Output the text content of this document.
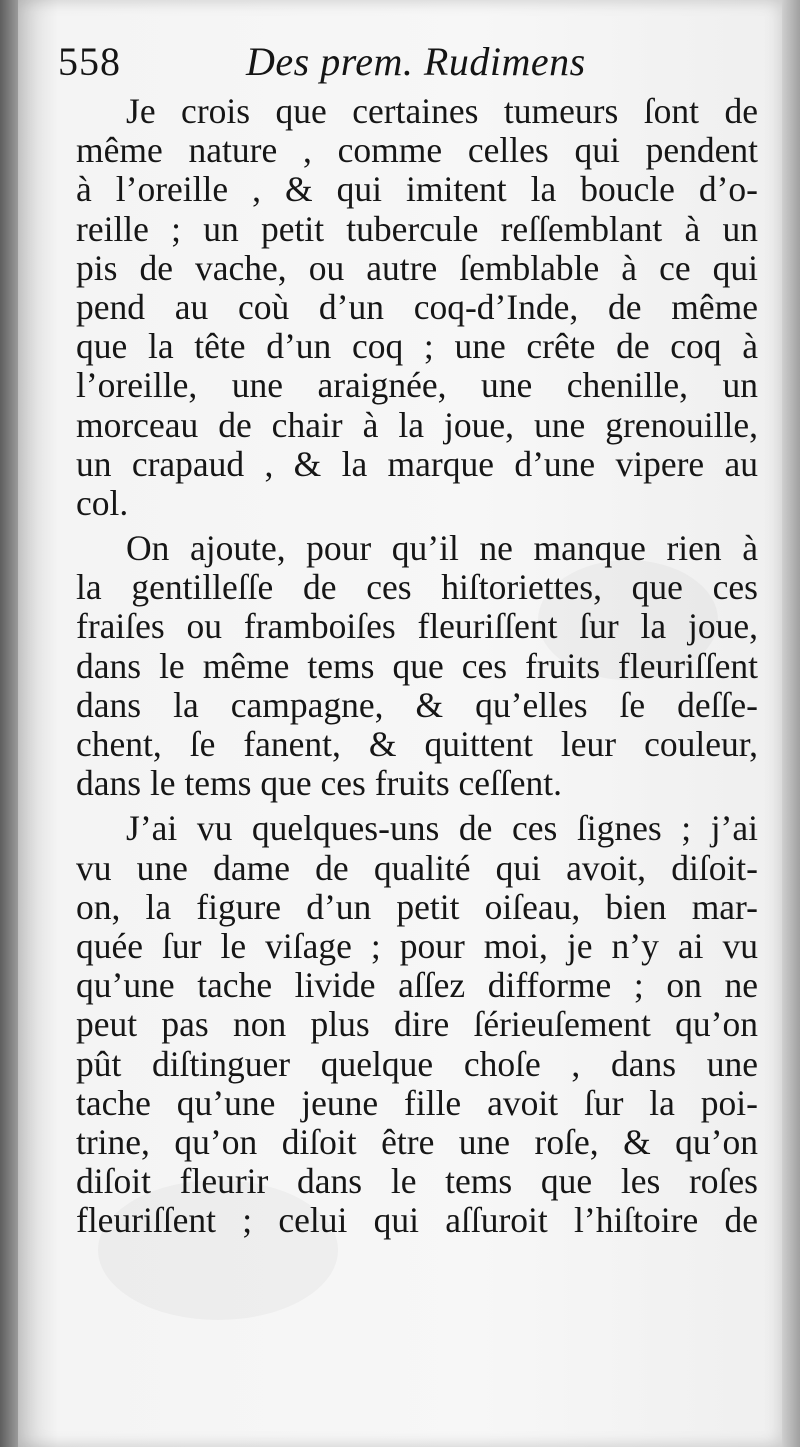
558	Des prem. Rudimens
Je crois que certaines tumeurs ſont de
même nature , comme celles qui pendent
à l’oreille , & qui imitent la boucle d’o-
reille ; un petit tubercule reſſemblant à un
pis de vache, ou autre ſemblable à ce qui
pend au coù d’un coq-d’Inde, de même
que la tête d’un coq ; une crête de coq à
l’oreille, une araignée, une chenille, un
morceau de chair à la joue, une grenouille,
un crapaud , & la marque d’une vipere au
col.
On ajoute, pour qu’il ne manque rien à
la gentilleſſe de ces hiſtoriettes, que ces
fraiſes ou framboiſes fleuriſſent ſur la joue,
dans le même tems que ces fruits fleuriſſent
dans la campagne, & qu’elles ſe deſſe-
chent, ſe fanent, & quittent leur couleur,
dans le tems que ces fruits ceſſent.
J’ai vu quelques-uns de ces ſignes ; j’ai
vu une dame de qualité qui avoit, diſoit-
on, la figure d’un petit oiſeau, bien mar-
quée ſur le viſage ; pour moi, je n’y ai vu
qu’une tache livide aſſez difforme ; on ne
peut pas non plus dire ſérieuſement qu’on
pût diſtinguer quelque choſe , dans une
tache qu’une jeune fille avoit ſur la poi-
trine, qu’on diſoit être une roſe, & qu’on
diſoit fleurir dans le tems que les roſes
fleuriſſent ; celui qui aſſuroit l’hiſtoire de
